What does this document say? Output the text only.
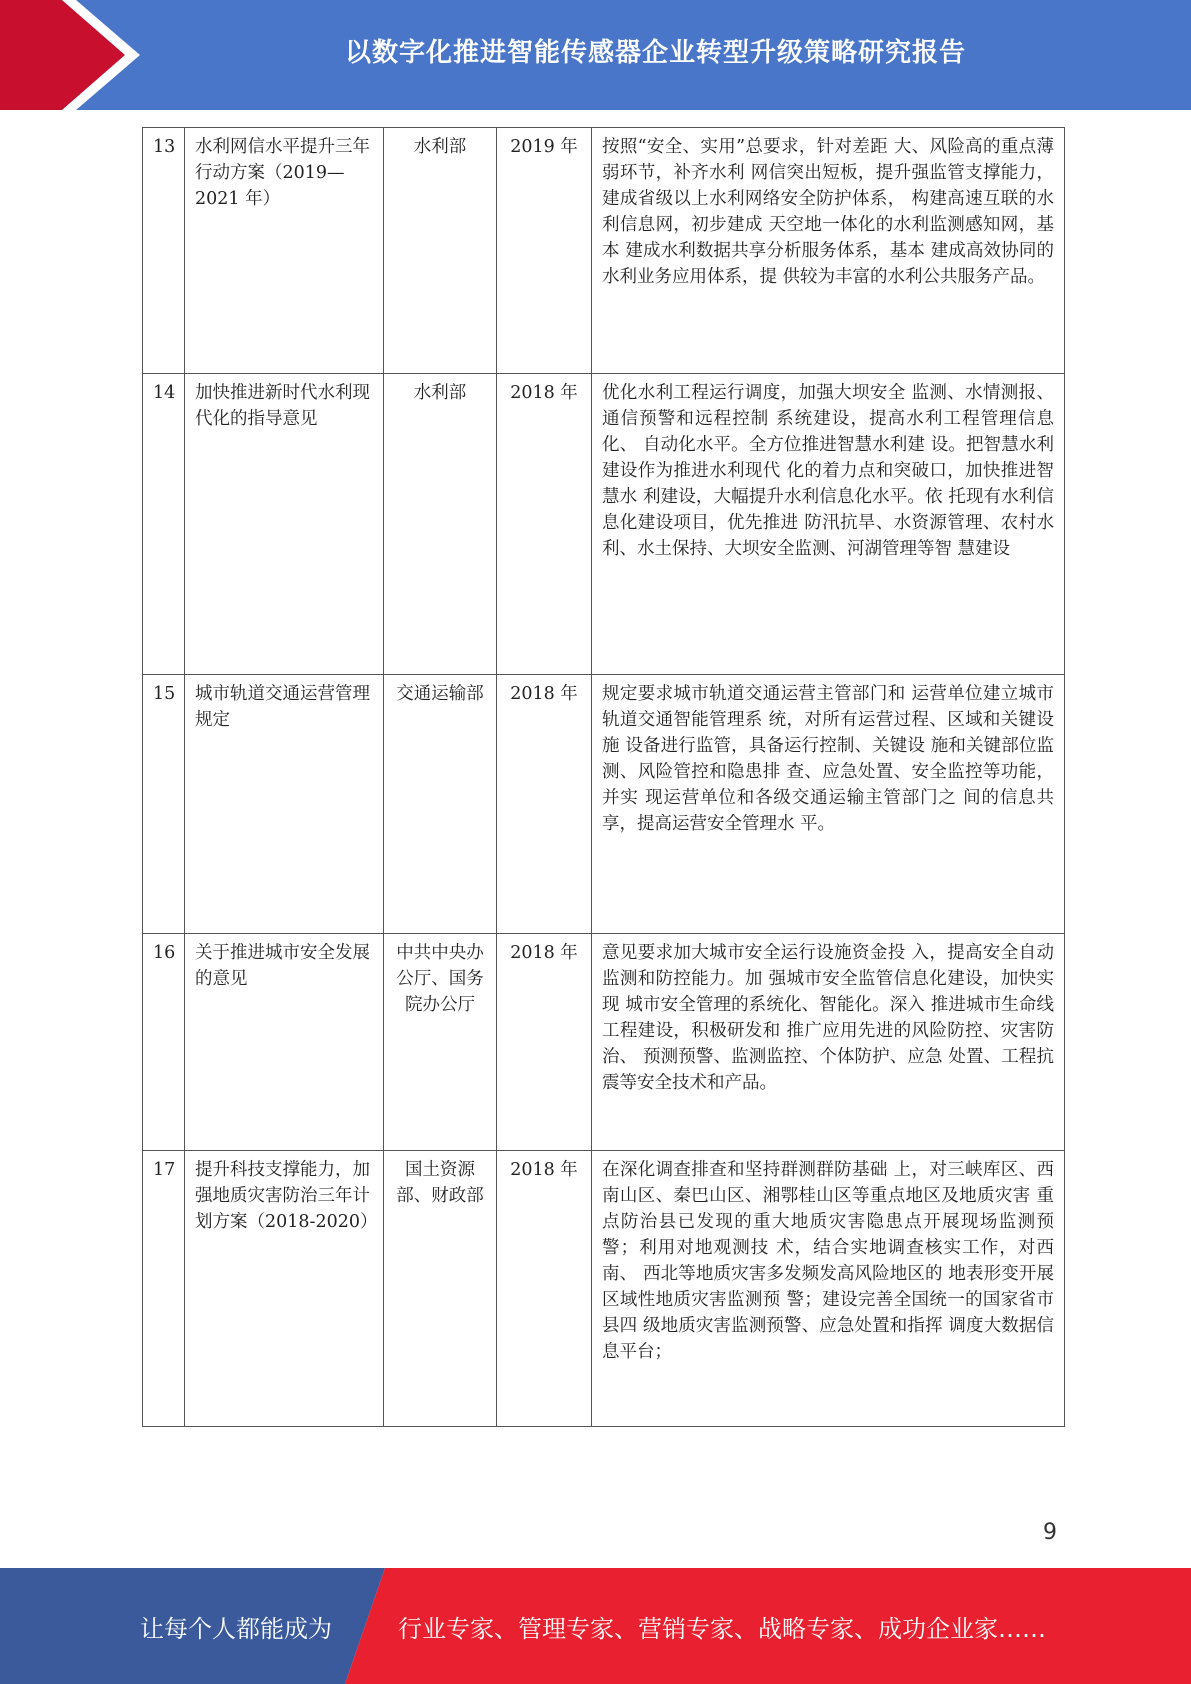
以数字化推进智能传感器企业转型升级策略研究报告
13	水利网信水平提升三年行动方案（2019—2021 年）	水利部	2019 年	按照“安全、实用”总要求，针对差距 大、风险高的重点薄弱环节，补齐水利 网信突出短板，提升强监管支撑能力， 建成省级以上水利网络安全防护体系， 构建高速互联的水利信息网，初步建成 天空地一体化的水利监测感知网，基本 建成水利数据共享分析服务体系，基本 建成高效协同的水利业务应用体系，提 供较为丰富的水利公共服务产品。
14	加快推进新时代水利现代化的指导意见	水利部	2018 年	优化水利工程运行调度，加强大坝安全 监测、水情测报、通信预警和远程控制 系统建设，提高水利工程管理信息化、 自动化水平。全方位推进智慧水利建 设。把智慧水利建设作为推进水利现代 化的着力点和突破口，加快推进智慧水 利建设，大幅提升水利信息化水平。依 托现有水利信息化建设项目，优先推进 防汛抗旱、水资源管理、农村水利、水土保持、大坝安全监测、河湖管理等智 慧建设
15	城市轨道交通运营管理规定	交通运输部	2018 年	规定要求城市轨道交通运营主管部门和 运营单位建立城市轨道交通智能管理系 统，对所有运营过程、区域和关键设施 设备进行监管，具备运行控制、关键设 施和关键部位监测、风险管控和隐患排 查、应急处置、安全监控等功能，并实 现运营单位和各级交通运输主管部门之 间的信息共享，提高运营安全管理水 平。
16	关于推进城市安全发展的意见	中共中央办公厅、国务院办公厅	2018 年	意见要求加大城市安全运行设施资金投 入，提高安全自动监测和防控能力。加 强城市安全监管信息化建设，加快实现 城市安全管理的系统化、智能化。深入 推进城市生命线工程建设，积极研发和 推广应用先进的风险防控、灾害防治、 预测预警、监测监控、个体防护、应急 处置、工程抗震等安全技术和产品。
17	提升科技支撑能力，加强地质灾害防治三年计划方案（2018-2020）	国土资源部、财政部	2018 年	在深化调查排查和坚持群测群防基础 上，对三峡库区、西南山区、秦巴山区、湘鄂桂山区等重点地区及地质灾害 重点防治县已发现的重大地质灾害隐患点开展现场监测预警；利用对地观测技 术，结合实地调查核实工作，对西南、 西北等地质灾害多发频发高风险地区的 地表形变开展区域性地质灾害监测预 警；建设完善全国统一的国家省市县四 级地质灾害监测预警、应急处置和指挥 调度大数据信息平台；
9
让每个人都能成为	行业专家、管理专家、营销专家、战略专家、成功企业家……
